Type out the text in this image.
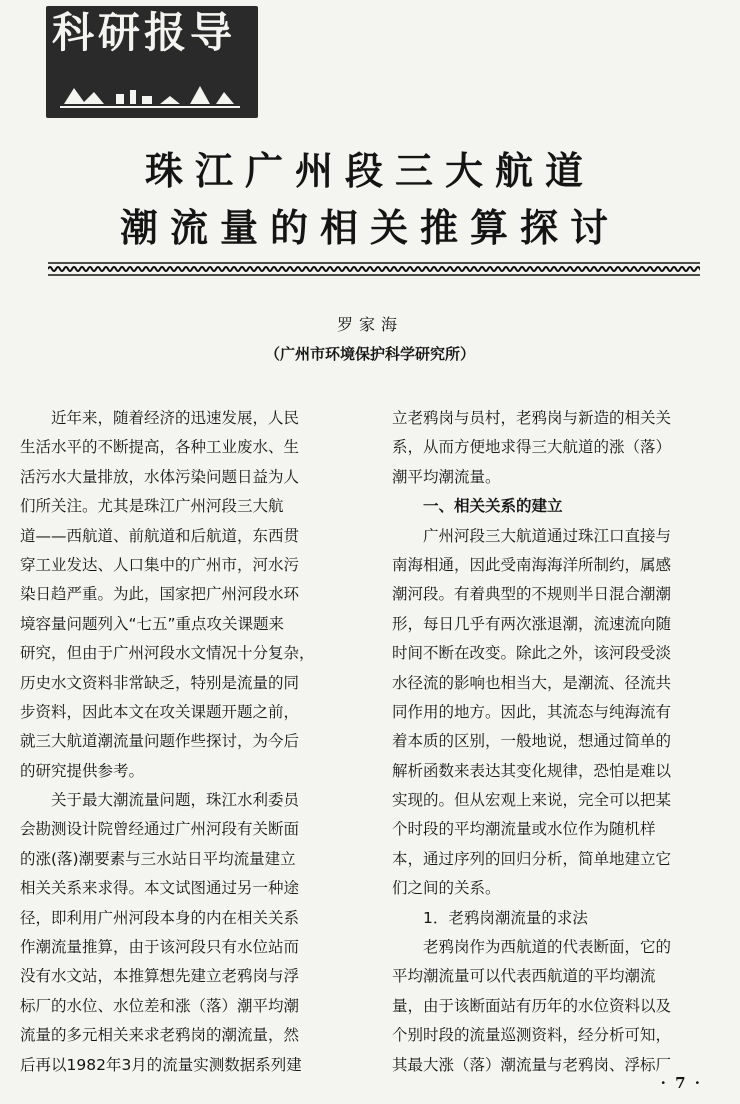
科研报导
珠江广州段三大航道
潮流量的相关推算探讨
罗家海
（广州市环境保护科学研究所）
近年来，随着经济的迅速发展，人民
生活水平的不断提高，各种工业废水、生
活污水大量排放，水体污染问题日益为人
们所关注。尤其是珠江广州河段三大航
道——西航道、前航道和后航道，东西贯
穿工业发达、人口集中的广州市，河水污
染日趋严重。为此，国家把广州河段水环
境容量问题列入“七五”重点攻关课题来
研究，但由于广州河段水文情况十分复杂，
历史水文资料非常缺乏，特别是流量的同
步资料，因此本文在攻关课题开题之前，
就三大航道潮流量问题作些探讨，为今后
的研究提供参考。
关于最大潮流量问题，珠江水利委员
会勘测设计院曾经通过广州河段有关断面
的涨(落)潮要素与三水站日平均流量建立
相关关系来求得。本文试图通过另一种途
径，即利用广州河段本身的内在相关关系
作潮流量推算，由于该河段只有水位站而
没有水文站，本推算想先建立老鸦岗与浮
标厂的水位、水位差和涨（落）潮平均潮
流量的多元相关来求老鸦岗的潮流量，然
后再以1982年3月的流量实测数据系列建
立老鸦岗与员村，老鸦岗与新造的相关关
系，从而方便地求得三大航道的涨（落）
潮平均潮流量。
一、相关关系的建立
广州河段三大航道通过珠江口直接与
南海相通，因此受南海海洋所制约，属感
潮河段。有着典型的不规则半日混合潮潮
形，每日几乎有两次涨退潮，流速流向随
时间不断在改变。除此之外，该河段受淡
水径流的影响也相当大，是潮流、径流共
同作用的地方。因此，其流态与纯海流有
着本质的区别，一般地说，想通过简单的
解析函数来表达其变化规律，恐怕是难以
实现的。但从宏观上来说，完全可以把某
个时段的平均潮流量或水位作为随机样
本，通过序列的回归分析，简单地建立它
们之间的关系。
1．老鸦岗潮流量的求法
老鸦岗作为西航道的代表断面，它的
平均潮流量可以代表西航道的平均潮流
量，由于该断面站有历年的水位资料以及
个别时段的流量巡测资料，经分析可知，
其最大涨（落）潮流量与老鸦岗、浮标厂
· 7 ·
